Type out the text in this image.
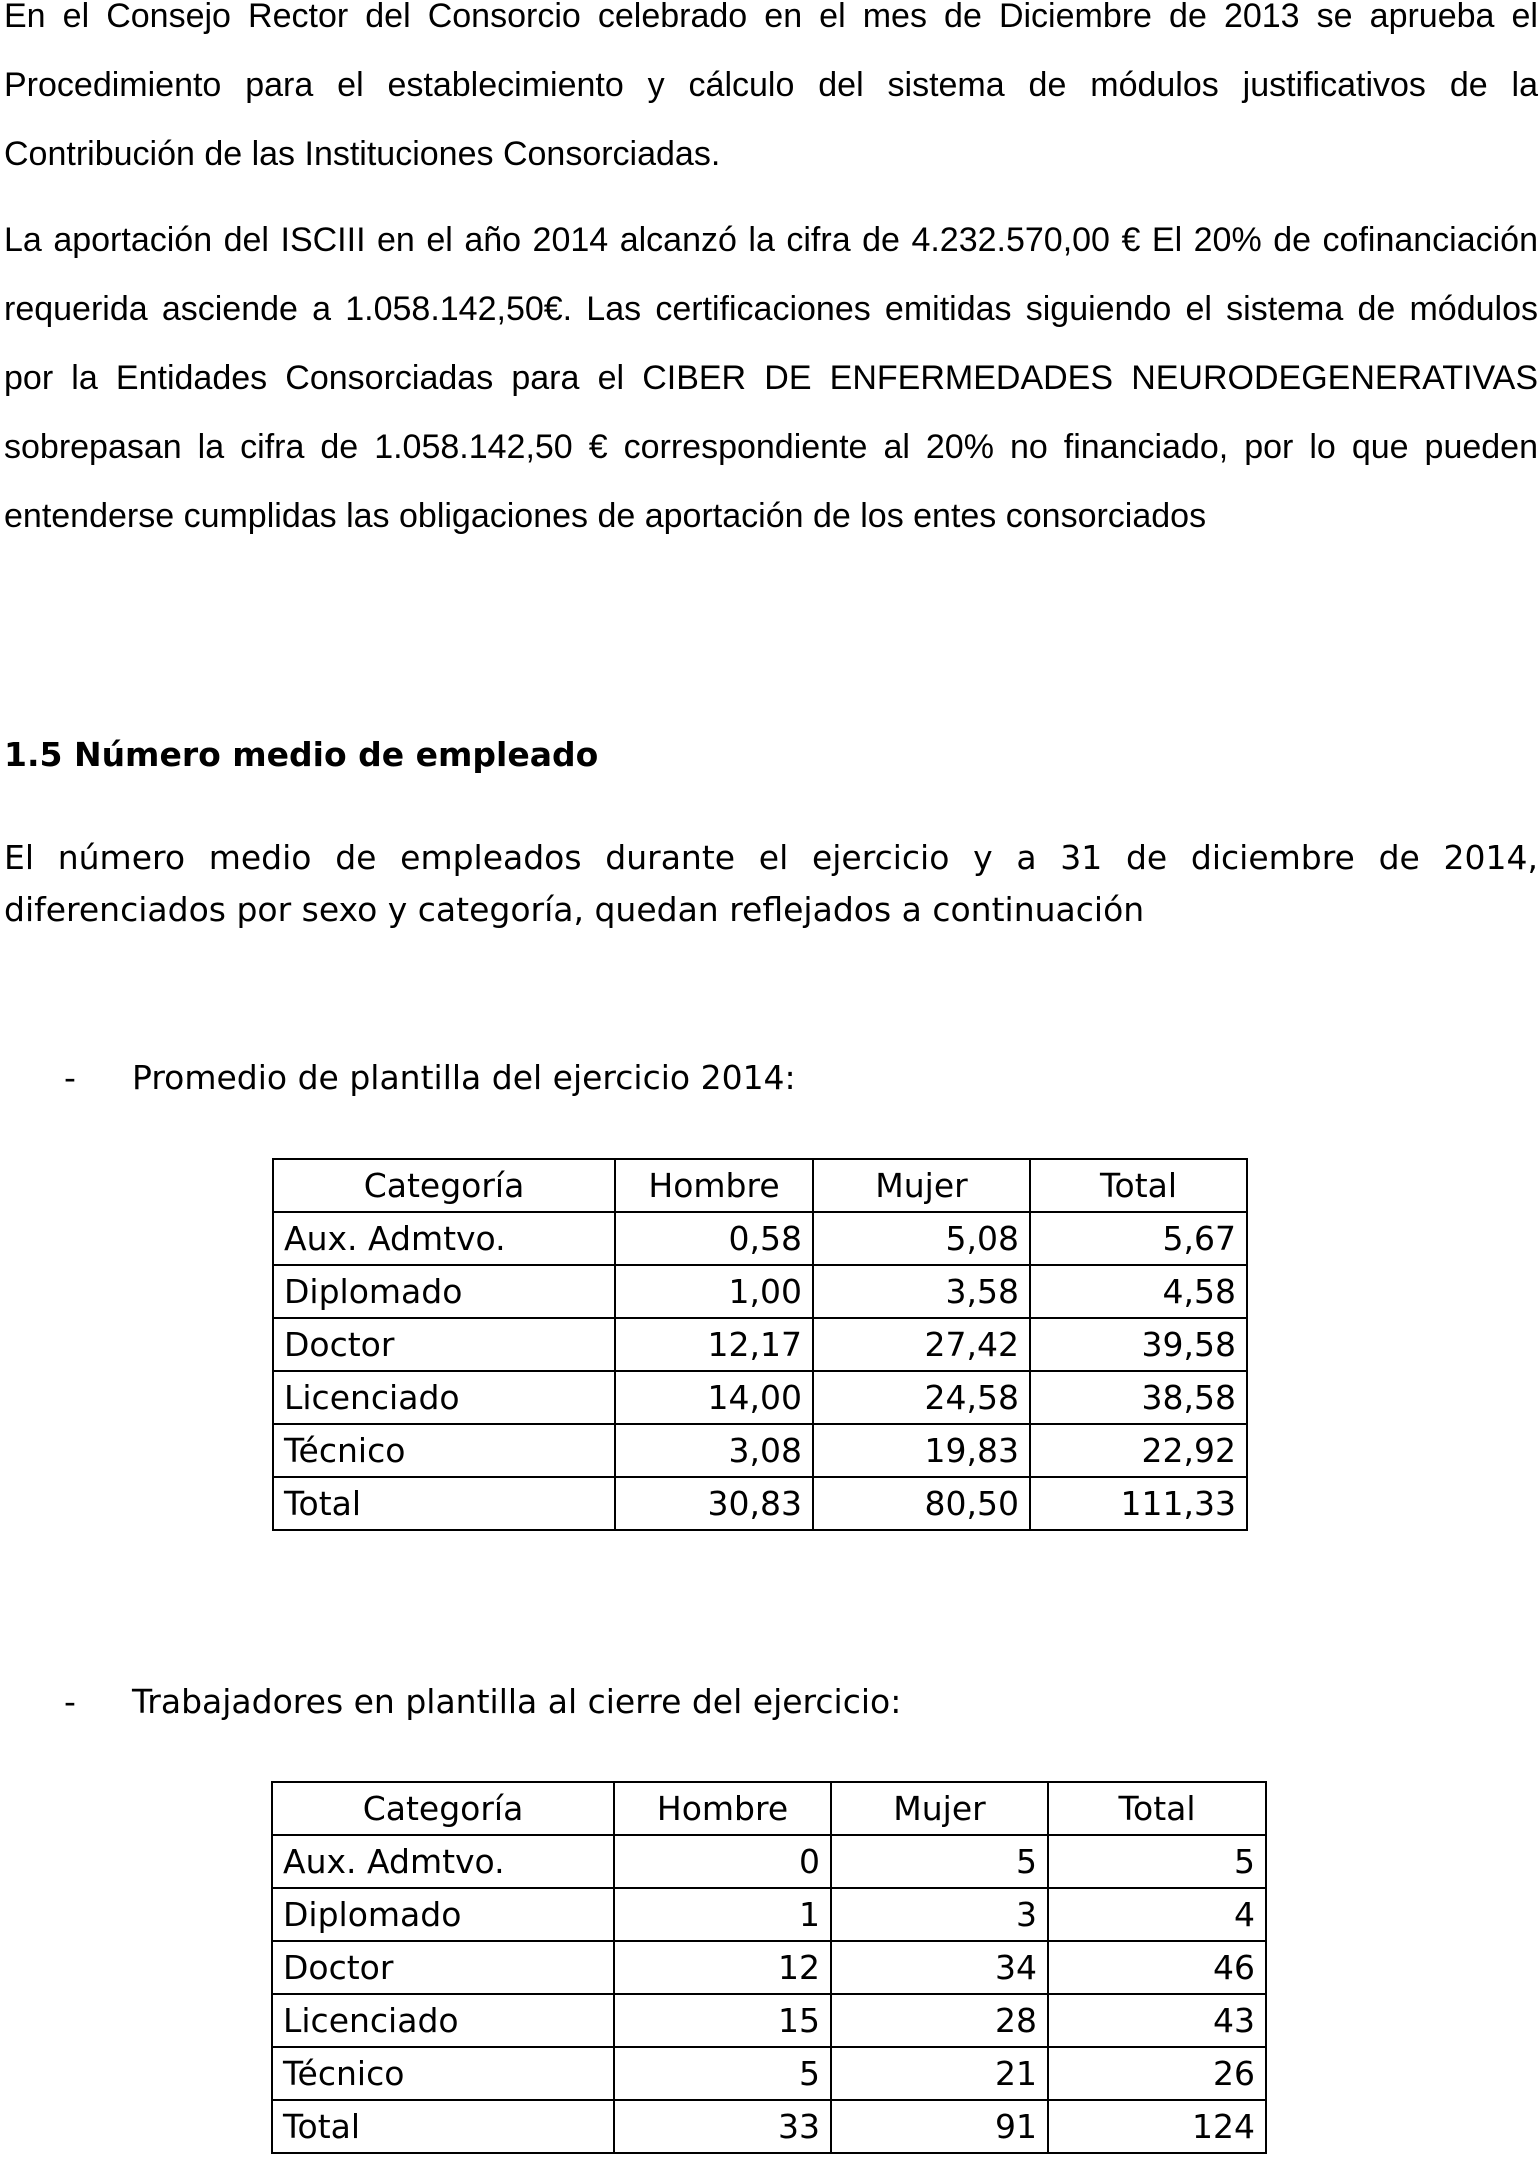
En el Consejo Rector del Consorcio celebrado en el mes de Diciembre de 2013 se aprueba el Procedimiento para el establecimiento y cálculo del sistema de módulos justificativos de la Contribución de las Instituciones Consorciadas.

La aportación del ISCIII en el año 2014 alcanzó la cifra de 4.232.570,00 € El 20% de cofinanciación requerida asciende a 1.058.142,50€. Las certificaciones emitidas siguiendo el sistema de módulos por la Entidades Consorciadas para el CIBER DE ENFERMEDADES NEURODEGENERATIVAS sobrepasan la cifra de 1.058.142,50 € correspondiente al 20% no financiado, por lo que pueden entenderse cumplidas las obligaciones de aportación de los entes consorciados

1.5 Número medio de empleado

El número medio de empleados durante el ejercicio y a 31 de diciembre de 2014, diferenciados por sexo y categoría, quedan reflejados a continuación

- Promedio de plantilla del ejercicio 2014:

Categoría	Hombre	Mujer	Total
Aux. Admtvo.	0,58	5,08	5,67
Diplomado	1,00	3,58	4,58
Doctor	12,17	27,42	39,58
Licenciado	14,00	24,58	38,58
Técnico	3,08	19,83	22,92
Total	30,83	80,50	111,33

- Trabajadores en plantilla al cierre del ejercicio:

Categoría	Hombre	Mujer	Total
Aux. Admtvo.	0	5	5
Diplomado	1	3	4
Doctor	12	34	46
Licenciado	15	28	43
Técnico	5	21	26
Total	33	91	124
